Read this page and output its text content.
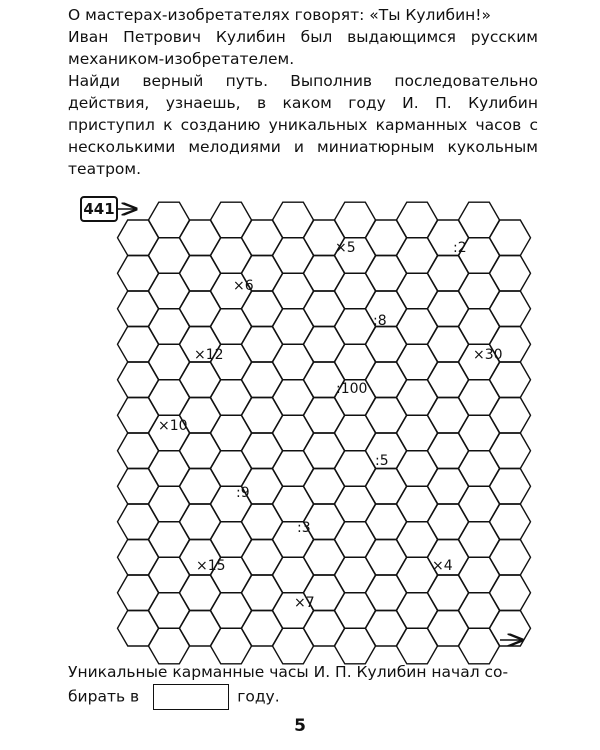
О мастерах-изобретателях говорят: «Ты Кулибин!»

Иван Петрович Кулибин был выдающимся русским механиком-изобретателем.

Найди верный путь. Выполнив последовательно действия, узнаешь, в каком году И. П. Кулибин приступил к созданию уникальных карманных часов с несколькими мелодиями и миниатюрным кукольным театром.

×5	:2
×6
:8
×12	×30
:100
×10
:5
:9
:3
×15	×4
×7
441

Уникальные карманные часы И. П. Кулибин начал со-

бирать в	году.

5
